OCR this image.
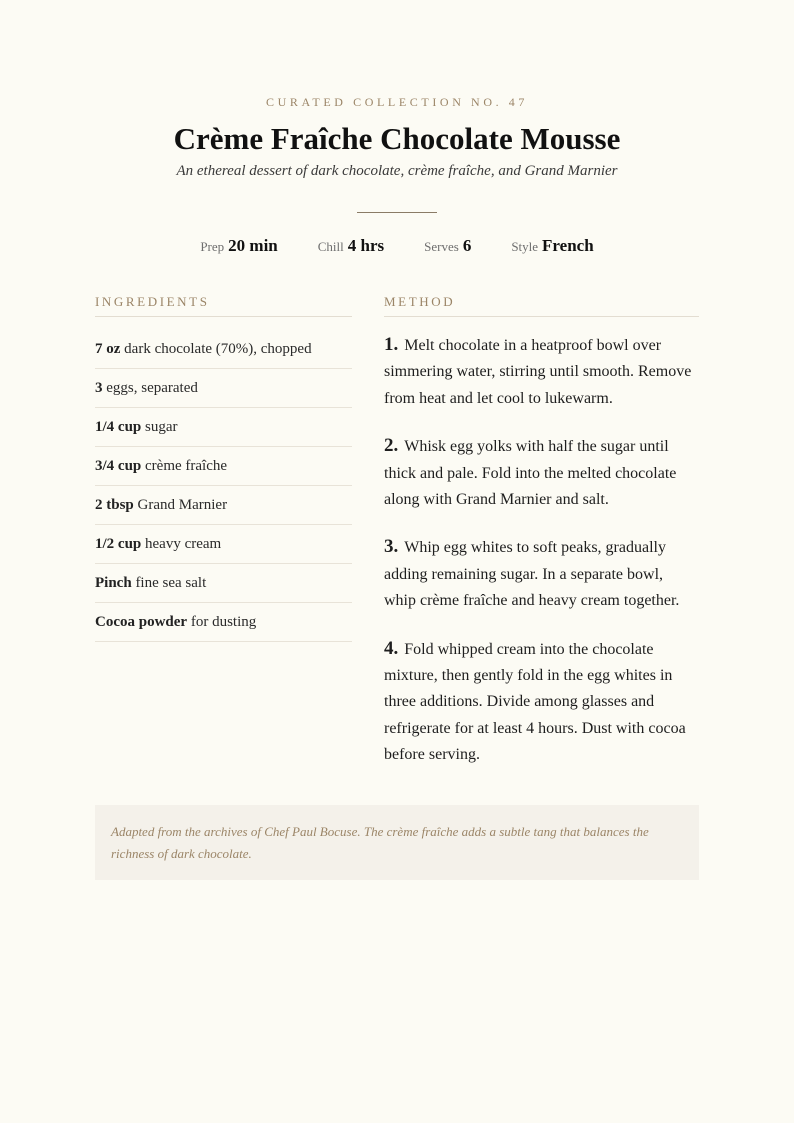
CURATED COLLECTION NO. 47
Crème Fraîche Chocolate Mousse
An ethereal dessert of dark chocolate, crème fraîche, and Grand Marnier
Prep 20 min	Chill 4 hrs	Serves 6	Style French
INGREDIENTS
7 oz dark chocolate (70%), chopped
3 eggs, separated
1/4 cup sugar
3/4 cup crème fraîche
2 tbsp Grand Marnier
1/2 cup heavy cream
Pinch fine sea salt
Cocoa powder for dusting
METHOD
1. Melt chocolate in a heatproof bowl over simmering water, stirring until smooth. Remove from heat and let cool to lukewarm.
2. Whisk egg yolks with half the sugar until thick and pale. Fold into the melted chocolate along with Grand Marnier and salt.
3. Whip egg whites to soft peaks, gradually adding remaining sugar. In a separate bowl, whip crème fraîche and heavy cream together.
4. Fold whipped cream into the chocolate mixture, then gently fold in the egg whites in three additions. Divide among glasses and refrigerate for at least 4 hours. Dust with cocoa before serving.
Adapted from the archives of Chef Paul Bocuse. The crème fraîche adds a subtle tang that balances the richness of dark chocolate.
